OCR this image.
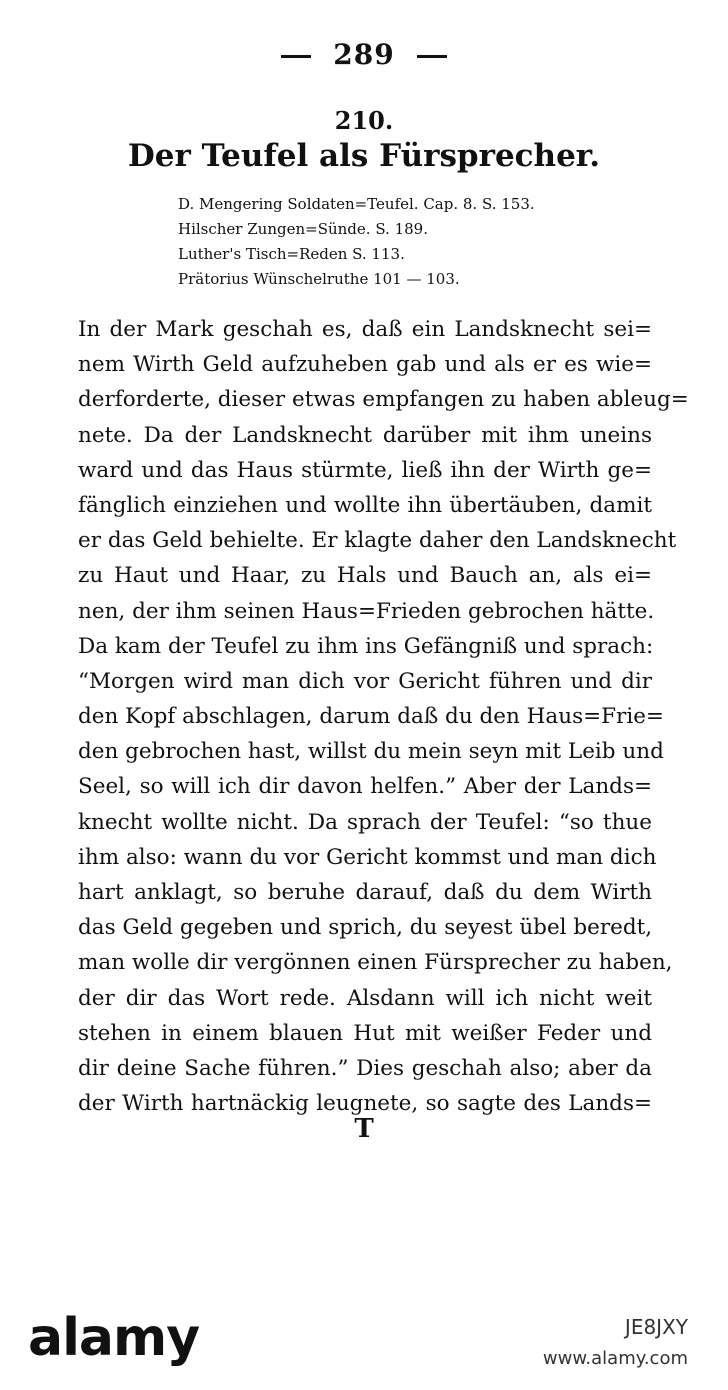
289
210.
Der Teufel als Fürsprecher.
D. Mengering Soldaten=Teufel. Cap. 8. S. 153.
Hilscher Zungen=Sünde. S. 189.
Luther's Tisch=Reden S. 113.
Prätorius Wünschelruthe 101 — 103.
In der Mark geschah es, daß ein Landsknecht sei=
nem Wirth Geld aufzuheben gab und als er es wie=
derforderte, dieser etwas empfangen zu haben ableug=
nete. Da der Landsknecht darüber mit ihm uneins
ward und das Haus stürmte, ließ ihn der Wirth ge=
fänglich einziehen und wollte ihn übertäuben, damit
er das Geld behielte. Er klagte daher den Landsknecht
zu Haut und Haar, zu Hals und Bauch an, als ei=
nen, der ihm seinen Haus=Frieden gebrochen hätte.
Da kam der Teufel zu ihm ins Gefängniß und sprach:
“Morgen wird man dich vor Gericht führen und dir
den Kopf abschlagen, darum daß du den Haus=Frie=
den gebrochen hast, willst du mein seyn mit Leib und
Seel, so will ich dir davon helfen.” Aber der Lands=
knecht wollte nicht. Da sprach der Teufel: “so thue
ihm also: wann du vor Gericht kommst und man dich
hart anklagt, so beruhe darauf, daß du dem Wirth
das Geld gegeben und sprich, du seyest übel beredt,
man wolle dir vergönnen einen Fürsprecher zu haben,
der dir das Wort rede. Alsdann will ich nicht weit
stehen in einem blauen Hut mit weißer Feder und
dir deine Sache führen.” Dies geschah also; aber da
der Wirth hartnäckig leugnete, so sagte des Lands=
T
alamy	JE8JXY
www.alamy.com
